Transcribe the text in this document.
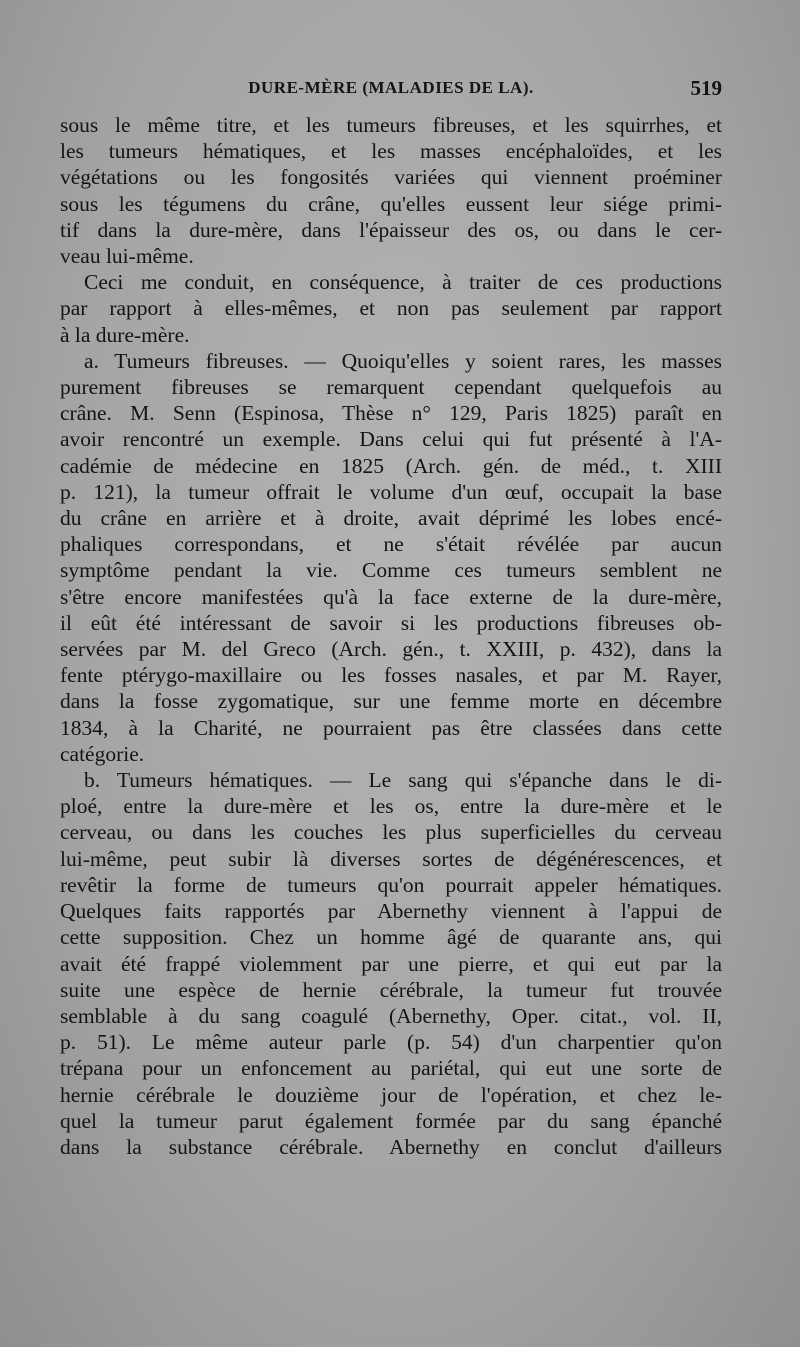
DURE-MÈRE (MALADIES DE LA).	519
sous le même titre, et les tumeurs fibreuses, et les squirrhes, et
les tumeurs hématiques, et les masses encéphaloïdes, et les
végétations ou les fongosités variées qui viennent proéminer
sous les tégumens du crâne, qu'elles eussent leur siége primi-
tif dans la dure-mère, dans l'épaisseur des os, ou dans le cer-
veau lui-même.
Ceci me conduit, en conséquence, à traiter de ces productions
par rapport à elles-mêmes, et non pas seulement par rapport
à la dure-mère.
a. Tumeurs fibreuses. — Quoiqu'elles y soient rares, les masses
purement fibreuses se remarquent cependant quelquefois au
crâne. M. Senn (Espinosa, Thèse n° 129, Paris 1825) paraît en
avoir rencontré un exemple. Dans celui qui fut présenté à l'A-
cadémie de médecine en 1825 (Arch. gén. de méd., t. XIII
p. 121), la tumeur offrait le volume d'un œuf, occupait la base
du crâne en arrière et à droite, avait déprimé les lobes encé-
phaliques correspondans, et ne s'était révélée par aucun
symptôme pendant la vie. Comme ces tumeurs semblent ne
s'être encore manifestées qu'à la face externe de la dure-mère,
il eût été intéressant de savoir si les productions fibreuses ob-
servées par M. del Greco (Arch. gén., t. XXIII, p. 432), dans la
fente ptérygo-maxillaire ou les fosses nasales, et par M. Rayer,
dans la fosse zygomatique, sur une femme morte en décembre
1834, à la Charité, ne pourraient pas être classées dans cette
catégorie.
b. Tumeurs hématiques. — Le sang qui s'épanche dans le di-
ploé, entre la dure-mère et les os, entre la dure-mère et le
cerveau, ou dans les couches les plus superficielles du cerveau
lui-même, peut subir là diverses sortes de dégénérescences, et
revêtir la forme de tumeurs qu'on pourrait appeler hématiques.
Quelques faits rapportés par Abernethy viennent à l'appui de
cette supposition. Chez un homme âgé de quarante ans, qui
avait été frappé violemment par une pierre, et qui eut par la
suite une espèce de hernie cérébrale, la tumeur fut trouvée
semblable à du sang coagulé (Abernethy, Oper. citat., vol. II,
p. 51). Le même auteur parle (p. 54) d'un charpentier qu'on
trépana pour un enfoncement au pariétal, qui eut une sorte de
hernie cérébrale le douzième jour de l'opération, et chez le-
quel la tumeur parut également formée par du sang épanché
dans la substance cérébrale. Abernethy en conclut d'ailleurs
